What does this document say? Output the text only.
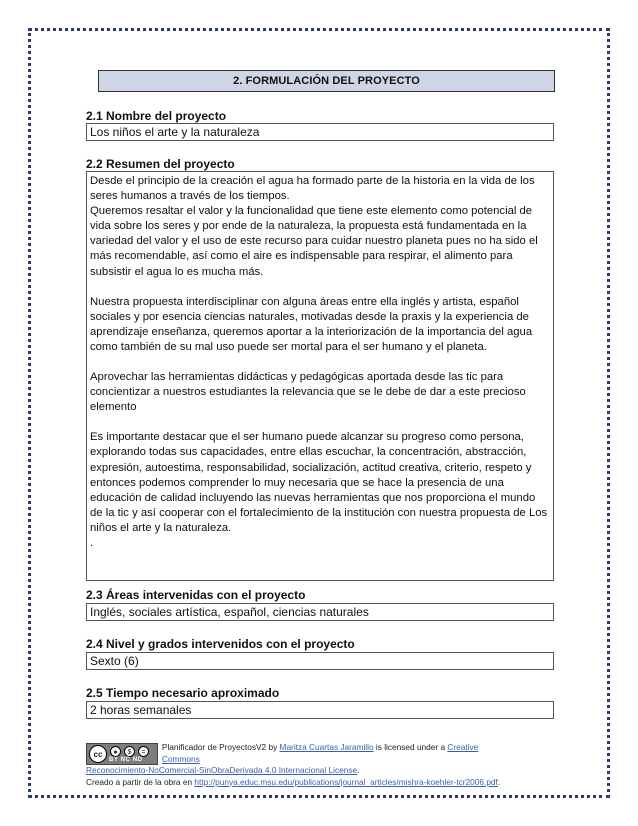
2. FORMULACIÓN DEL PROYECTO
2.1 Nombre del proyecto
Los niños el arte y la naturaleza
2.2 Resumen del proyecto

Desde el principio de la creación el agua ha formado parte de la historia en la vida de los seres humanos a través de los tiempos.

Queremos resaltar el valor y la funcionalidad que tiene este elemento como potencial de vida sobre los seres y por ende de la naturaleza, la propuesta está fundamentada en la variedad del valor y el uso de este recurso para cuidar nuestro planeta pues no ha sido el más recomendable, así como el aire es indispensable para respirar, el alimento para subsistir el agua lo es mucha más.

Nuestra propuesta interdisciplinar con alguna áreas entre ella inglés y artista, español sociales y por esencia ciencias naturales, motivadas desde la praxis y la experiencia de aprendizaje enseñanza, queremos aportar a la interiorización de la importancia del agua como también de su mal uso puede ser mortal para el ser humano y el planeta.

Aprovechar las herramientas didácticas y pedagógicas aportada desde las tic para concientizar a nuestros estudiantes la relevancia que se le debe de dar a este precioso elemento

Es importante destacar que el ser humano puede alcanzar su progreso como persona, explorando todas sus capacidades, entre ellas escuchar, la concentración, abstracción, expresión, autoestima, responsabilidad, socialización, actitud creativa, criterio, respeto y entonces podemos comprender lo muy necesaria que se hace la presencia de una educación de calidad incluyendo las nuevas herramientas que nos proporciona el mundo de la tic y así cooperar con el fortalecimiento de la institución con nuestra propuesta de Los niños el arte y la naturaleza.

.

2.3 Áreas intervenidas con el proyecto
Inglés, sociales artística, español, ciencias naturales
2.4 Nivel y grados intervenidos con el proyecto
Sexto (6)
2.5 Tiempo necesario aproximado
2 horas semanales
cc	●	$	=
BY NC ND
Planificador de ProyectosV2 by Maritza Cuartas Jaramillo is licensed under a Creative Commons
Reconocimiento-NoComercial-SinObraDerivada 4.0 Internacional License.
Creado a partir de la obra en http://punya.educ.msu.edu/publications/journal_articles/mishra-koehler-tcr2006.pdf.
